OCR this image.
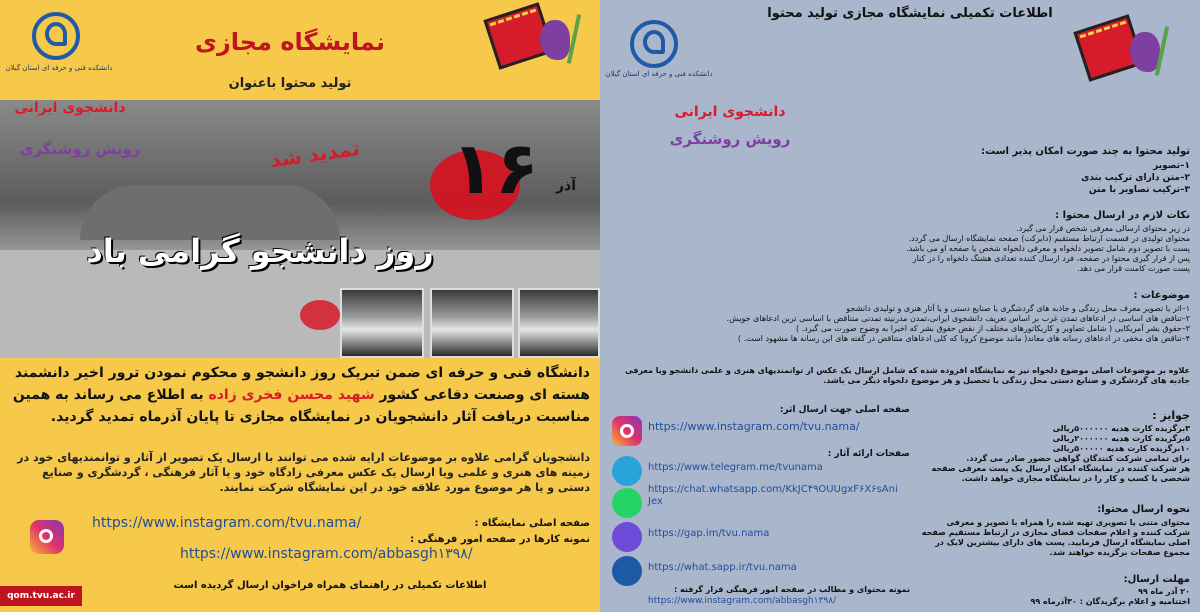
دانشکده فنی و حرفه ای استان گیلان
نمایشگاه مجازی
تولید محتوا باعنوان
دانشجوی ایرانی
رویش روشنگری	تمدید شد ۱۶	آذر
روز دانشجو گرامی باد
دانشگاه فنی و حرفه ای ضمن تبریک روز دانشجو و محکوم نمودن ترور اخیر دانشمند هسته ای وصنعت دفاعی کشور شهید محسن فخری زاده به اطلاع می رساند به همین مناسبت دریافت آثار دانشجویان در نمایشگاه مجازی تا پایان آذرماه تمدید گردید.
دانشجویان گرامی علاوه بر موضوعات ارایه شده می توانند با ارسال یک تصویر از آثار و توانمندیهای خود در زمینه های هنری و علمی ویا ارسال یک عکس معرفی زادگاه خود و یا آثار فرهنگی ، گردشگری و صنایع دستی و یا هر موضوع مورد علاقه خود در این نمایشگاه شرکت نمایند.
صفحه اصلی نمایشگاه :
https://www.instagram.com/tvu.nama/
نمونه کارها در صفحه امور فرهنگی :
https://www.instagram.com/abbasgh۱۳۹۸/
اطلاعات تکمیلی در راهنمای همراه فراخوان ارسال گردیده است
qom.tvu.ac.ir
اطلاعات تکمیلی نمایشگاه مجازی تولید محتوا
دانشکده فنی و حرفه ای استان گیلان
دانشجوی ایرانی
رویش روشنگری
تولید محتوا به چند صورت امکان پذیر است:
۱–تصویر
۲–متن دارای ترکیب بندی
۳–ترکیب تصاویر با متن
نکات لازم در ارسال محتوا :
در زیر محتوای ارسالی معرفی شخص قرار می گیرد.
محتوای تولیدی در قسمت ارتباط مستقیم (دایرکت) صفحه نمایشگاه ارسال می گردد.
پست با تصویر دوم شامل تصویر دلخواه و معرفی دلخواه شخص یا صفحه او می باشد.
پس از قرار گیری محتوا در صفحه، فرد ارسال کننده تعدادی هشتگ دلخواه را در کنار
پست صورت کامنت قرار می دهد.
موضوعات :
۱–اثر یا تصویر معرف محل زندگی و جاذبه های گردشگری یا صنایع دستی و یا آثار هنری و تولیدی دانشجو
۲–تناقض های اساسی در ادعاهای تمدن غرب بر اساس تعریف دانشجوی ایرانی،تمدن مدرنیته تمدنی متناقض با اساسی ترین ادعاهای خویش.
۳–حقوق بشر آمریکایی ( شامل تصاویر و کاریکاتورهای مختلف از نقض حقوق بشر که اخیرا به وضوح صورت می گیرد. )
۴–تناقض های مخفی در ادعاهای رسانه های معاند( مانند موضوع کرونا که کلی ادعاهای متناقض در گفته های این رسانه ها مشهود است. )
علاوه بر موضوعات اصلی موضوع دلخواه نیز به نمایشگاه افزوده شده که شامل ارسال یک عکس از توانمندیهای هنری و علمی دانشجو ویا معرفی جاذبه های گردشگری و صنایع دستی محل زندگی یا تحصیل و هر موضوع دلخواه دیگر می باشد.
صفحه اصلی جهت ارسال اثر:
https://www.instagram.com/tvu.nama/
صفحات ارائه آثار :
https://www.telegram.me/tvunama
https://chat.whatsapp.com/KkJC۴۹OUUgxF۶X۶sAniJex
https://gap.im/tvu.nama
https://what.sapp.ir/tvu.nama
نمونه محتوای و مطالب در صفحه امور فرهنگی قرار گرفته :
https://www.instagram.com/abbasgh۱۳۹۸/
جوایز :
۳برگزیده کارت هدیه ۵۰۰۰۰۰۰ریالی
۵برگزیده کارت هدیه ۲۰۰۰۰۰۰ریالی
۱۰برگزیده کارت هدیه ۵۰۰۰۰۰ریالی
برای تمامی شرکت کنندگان گواهی حضور صادر می گردد.
هر شرکت کننده در نمایشگاه امکان ارسال یک پست معرفی صفحه شخصی یا کسب و کار را در نمایشگاه مجازی خواهد داشت.
نحوه ارسال محتوا:
محتوای متنی یا تصویری تهیه شده را همراه با تصویر و معرفی شرکت کننده و اعلام صفحات فضای مجازی در ارتباط مستقیم صفحه اصلی نمایشگاه ارسال فرمایید. پست های دارای بیشترین لایک در مجموع صفحات برگزیده خواهند شد.
مهلت ارسال:
۲۰ آذر ماه ۹۹
اختتامیه و اعلام برگزیدگان : ۳۰آذرماه ۹۹
